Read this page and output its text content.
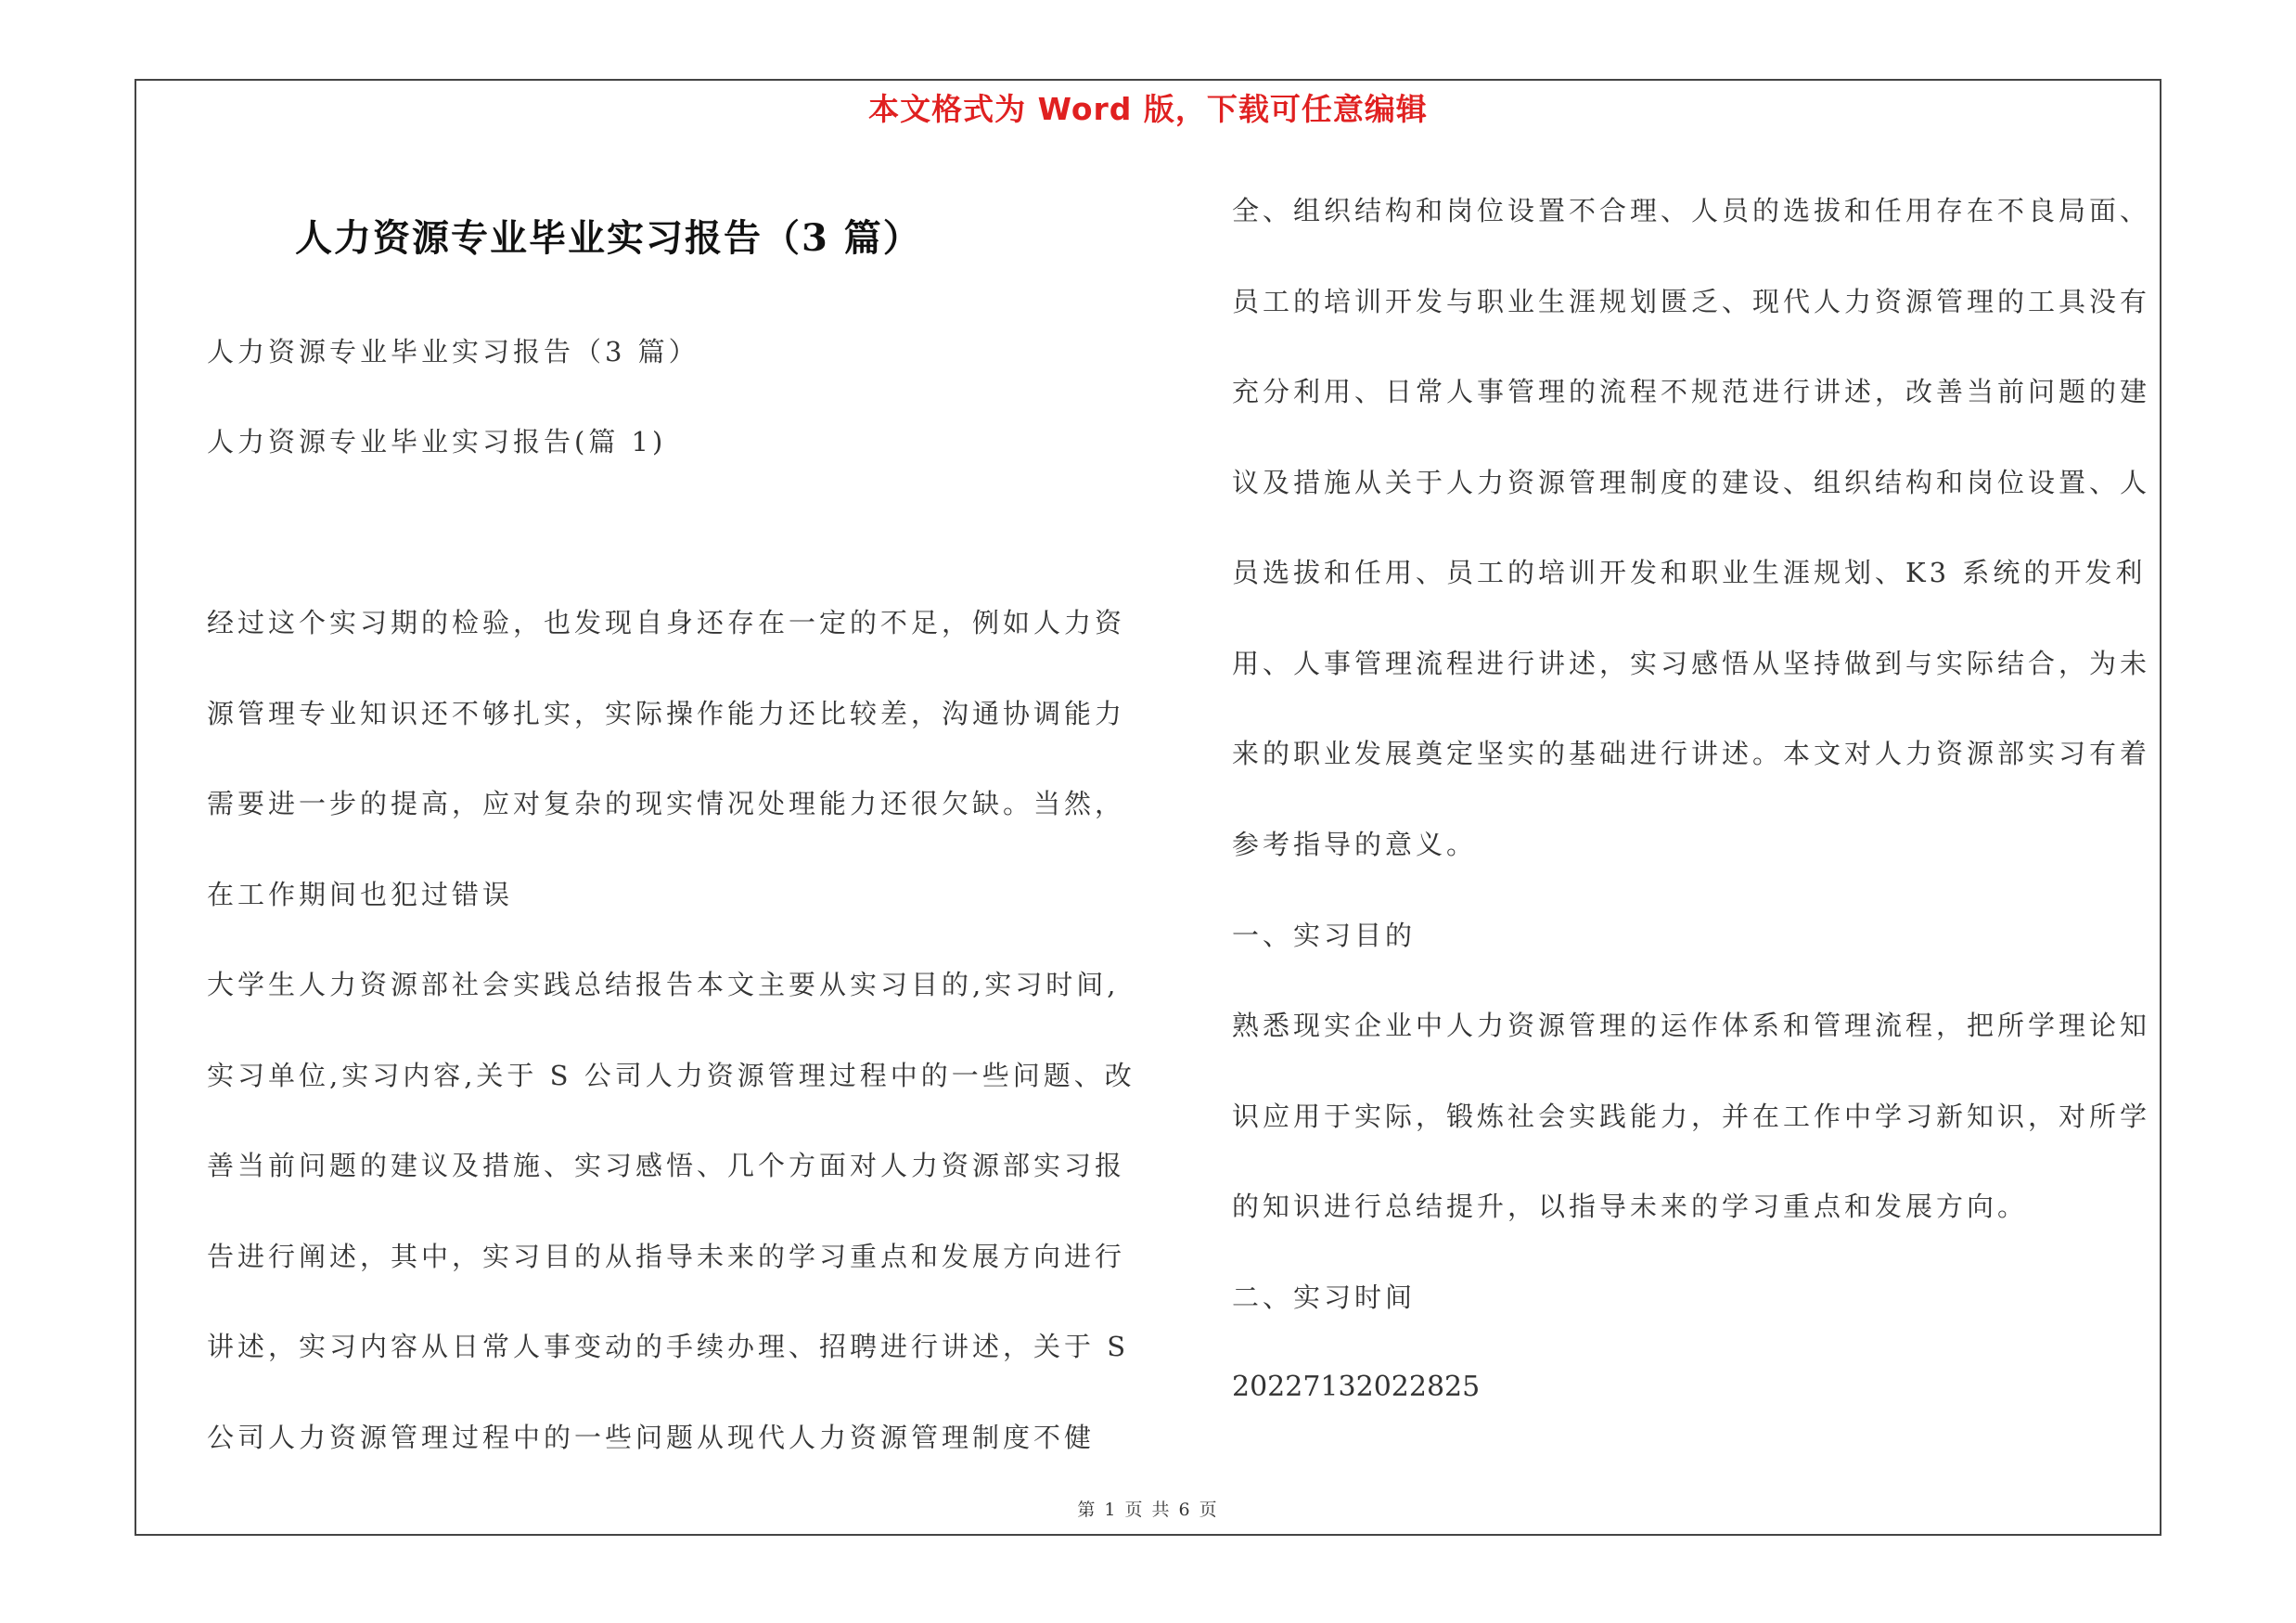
本文格式为 Word 版，下载可任意编辑
人力资源专业毕业实习报告（3 篇）
人力资源专业毕业实习报告（3 篇）
人力资源专业毕业实习报告(篇 1)
经过这个实习期的检验，也发现自身还存在一定的不足，例如人力资
源管理专业知识还不够扎实，实际操作能力还比较差，沟通协调能力
需要进一步的提高，应对复杂的现实情况处理能力还很欠缺。当然，
在工作期间也犯过错误
大学生人力资源部社会实践总结报告本文主要从实习目的,实习时间,
实习单位,实习内容,关于 S 公司人力资源管理过程中的一些问题、改
善当前问题的建议及措施、实习感悟、几个方面对人力资源部实习报
告进行阐述，其中，实习目的从指导未来的学习重点和发展方向进行
讲述，实习内容从日常人事变动的手续办理、招聘进行讲述，关于 S
公司人力资源管理过程中的一些问题从现代人力资源管理制度不健
全、组织结构和岗位设置不合理、人员的选拔和任用存在不良局面、
员工的培训开发与职业生涯规划匮乏、现代人力资源管理的工具没有
充分利用、日常人事管理的流程不规范进行讲述，改善当前问题的建
议及措施从关于人力资源管理制度的建设、组织结构和岗位设置、人
员选拔和任用、员工的培训开发和职业生涯规划、K3 系统的开发利
用、人事管理流程进行讲述，实习感悟从坚持做到与实际结合，为未
来的职业发展奠定坚实的基础进行讲述。本文对人力资源部实习有着
参考指导的意义。
一、实习目的
熟悉现实企业中人力资源管理的运作体系和管理流程，把所学理论知
识应用于实际，锻炼社会实践能力，并在工作中学习新知识，对所学
的知识进行总结提升，以指导未来的学习重点和发展方向。
二、实习时间
20227132022825
第 1 页 共 6 页
